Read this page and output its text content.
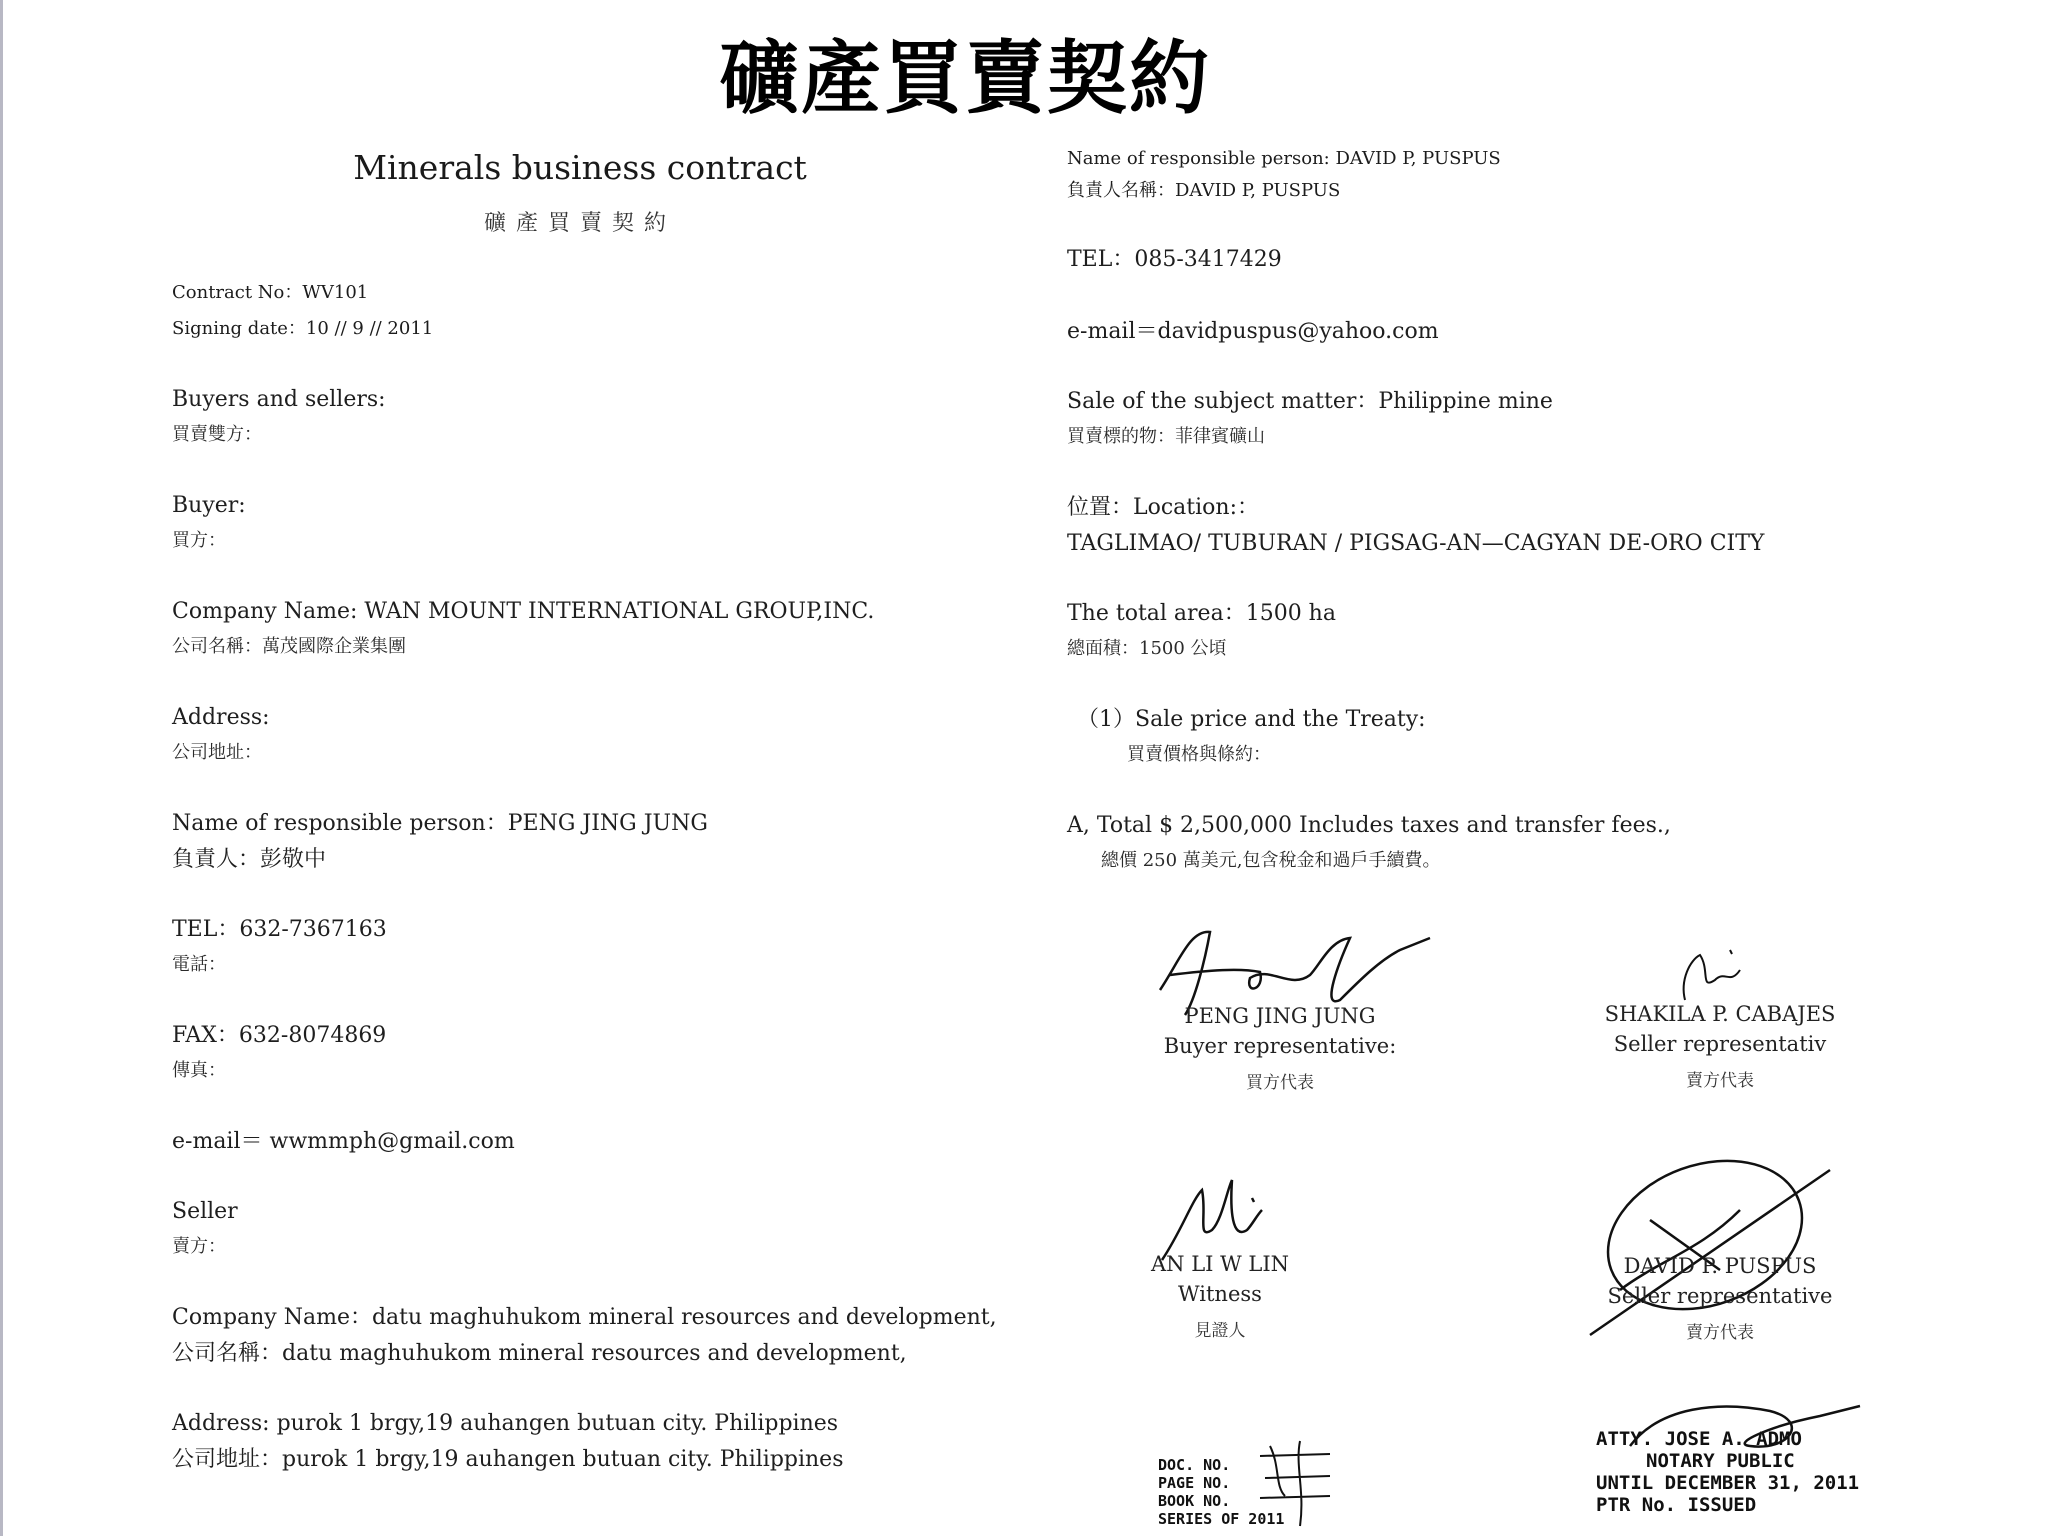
礦產買賣契約
Minerals business contract
礦產買賣契約
Contract No：WV101
Signing date：10 // 9 // 2011
Buyers and sellers:
買賣雙方：
Buyer:
買方：
Company Name: WAN MOUNT INTERNATIONAL GROUP,INC.
公司名稱：萬茂國際企業集團
Address:
公司地址：
Name of responsible person：PENG JING JUNG
負責人：彭敬中
TEL：632-7367163
電話：
FAX：632-8074869
傳真：
e-mail＝ wwmmph@gmail.com
Seller
賣方：
Company Name：datu maghuhukom mineral resources and development,
公司名稱：datu maghuhukom mineral resources and development,
Address: purok 1 brgy,19 auhangen butuan city. Philippines
公司地址：purok 1 brgy,19 auhangen butuan city. Philippines
Name of responsible person: DAVID P, PUSPUS
負責人名稱：DAVID P, PUSPUS
TEL：085-3417429
e-mail＝davidpuspus@yahoo.com
Sale of the subject matter：Philippine mine
買賣標的物：菲律賓礦山
位置：Location:：
TAGLIMAO/ TUBURAN / PIGSAG-AN—CAGYAN DE-ORO CITY
The total area：1500 ha
總面積：1500 公頃
（1）Sale price and the Treaty:
買賣價格與條約：
A, Total $ 2,500,000 Includes taxes and transfer fees.,
總價 250 萬美元,包含稅金和過戶手續費。
PENG JING JUNG
Buyer representative:
買方代表
SHAKILA P. CABAJES
Seller representativ
賣方代表
AN LI W LIN
Witness
見證人
DAVID P. PUSPUS
Seller representative
賣方代表
DOC. NO.
PAGE NO.
BOOK NO.
SERIES OF 2011
ATTY. JOSE A. ADMO
NOTARY PUBLIC
UNTIL DECEMBER 31, 2011
PTR No. ISSUED
